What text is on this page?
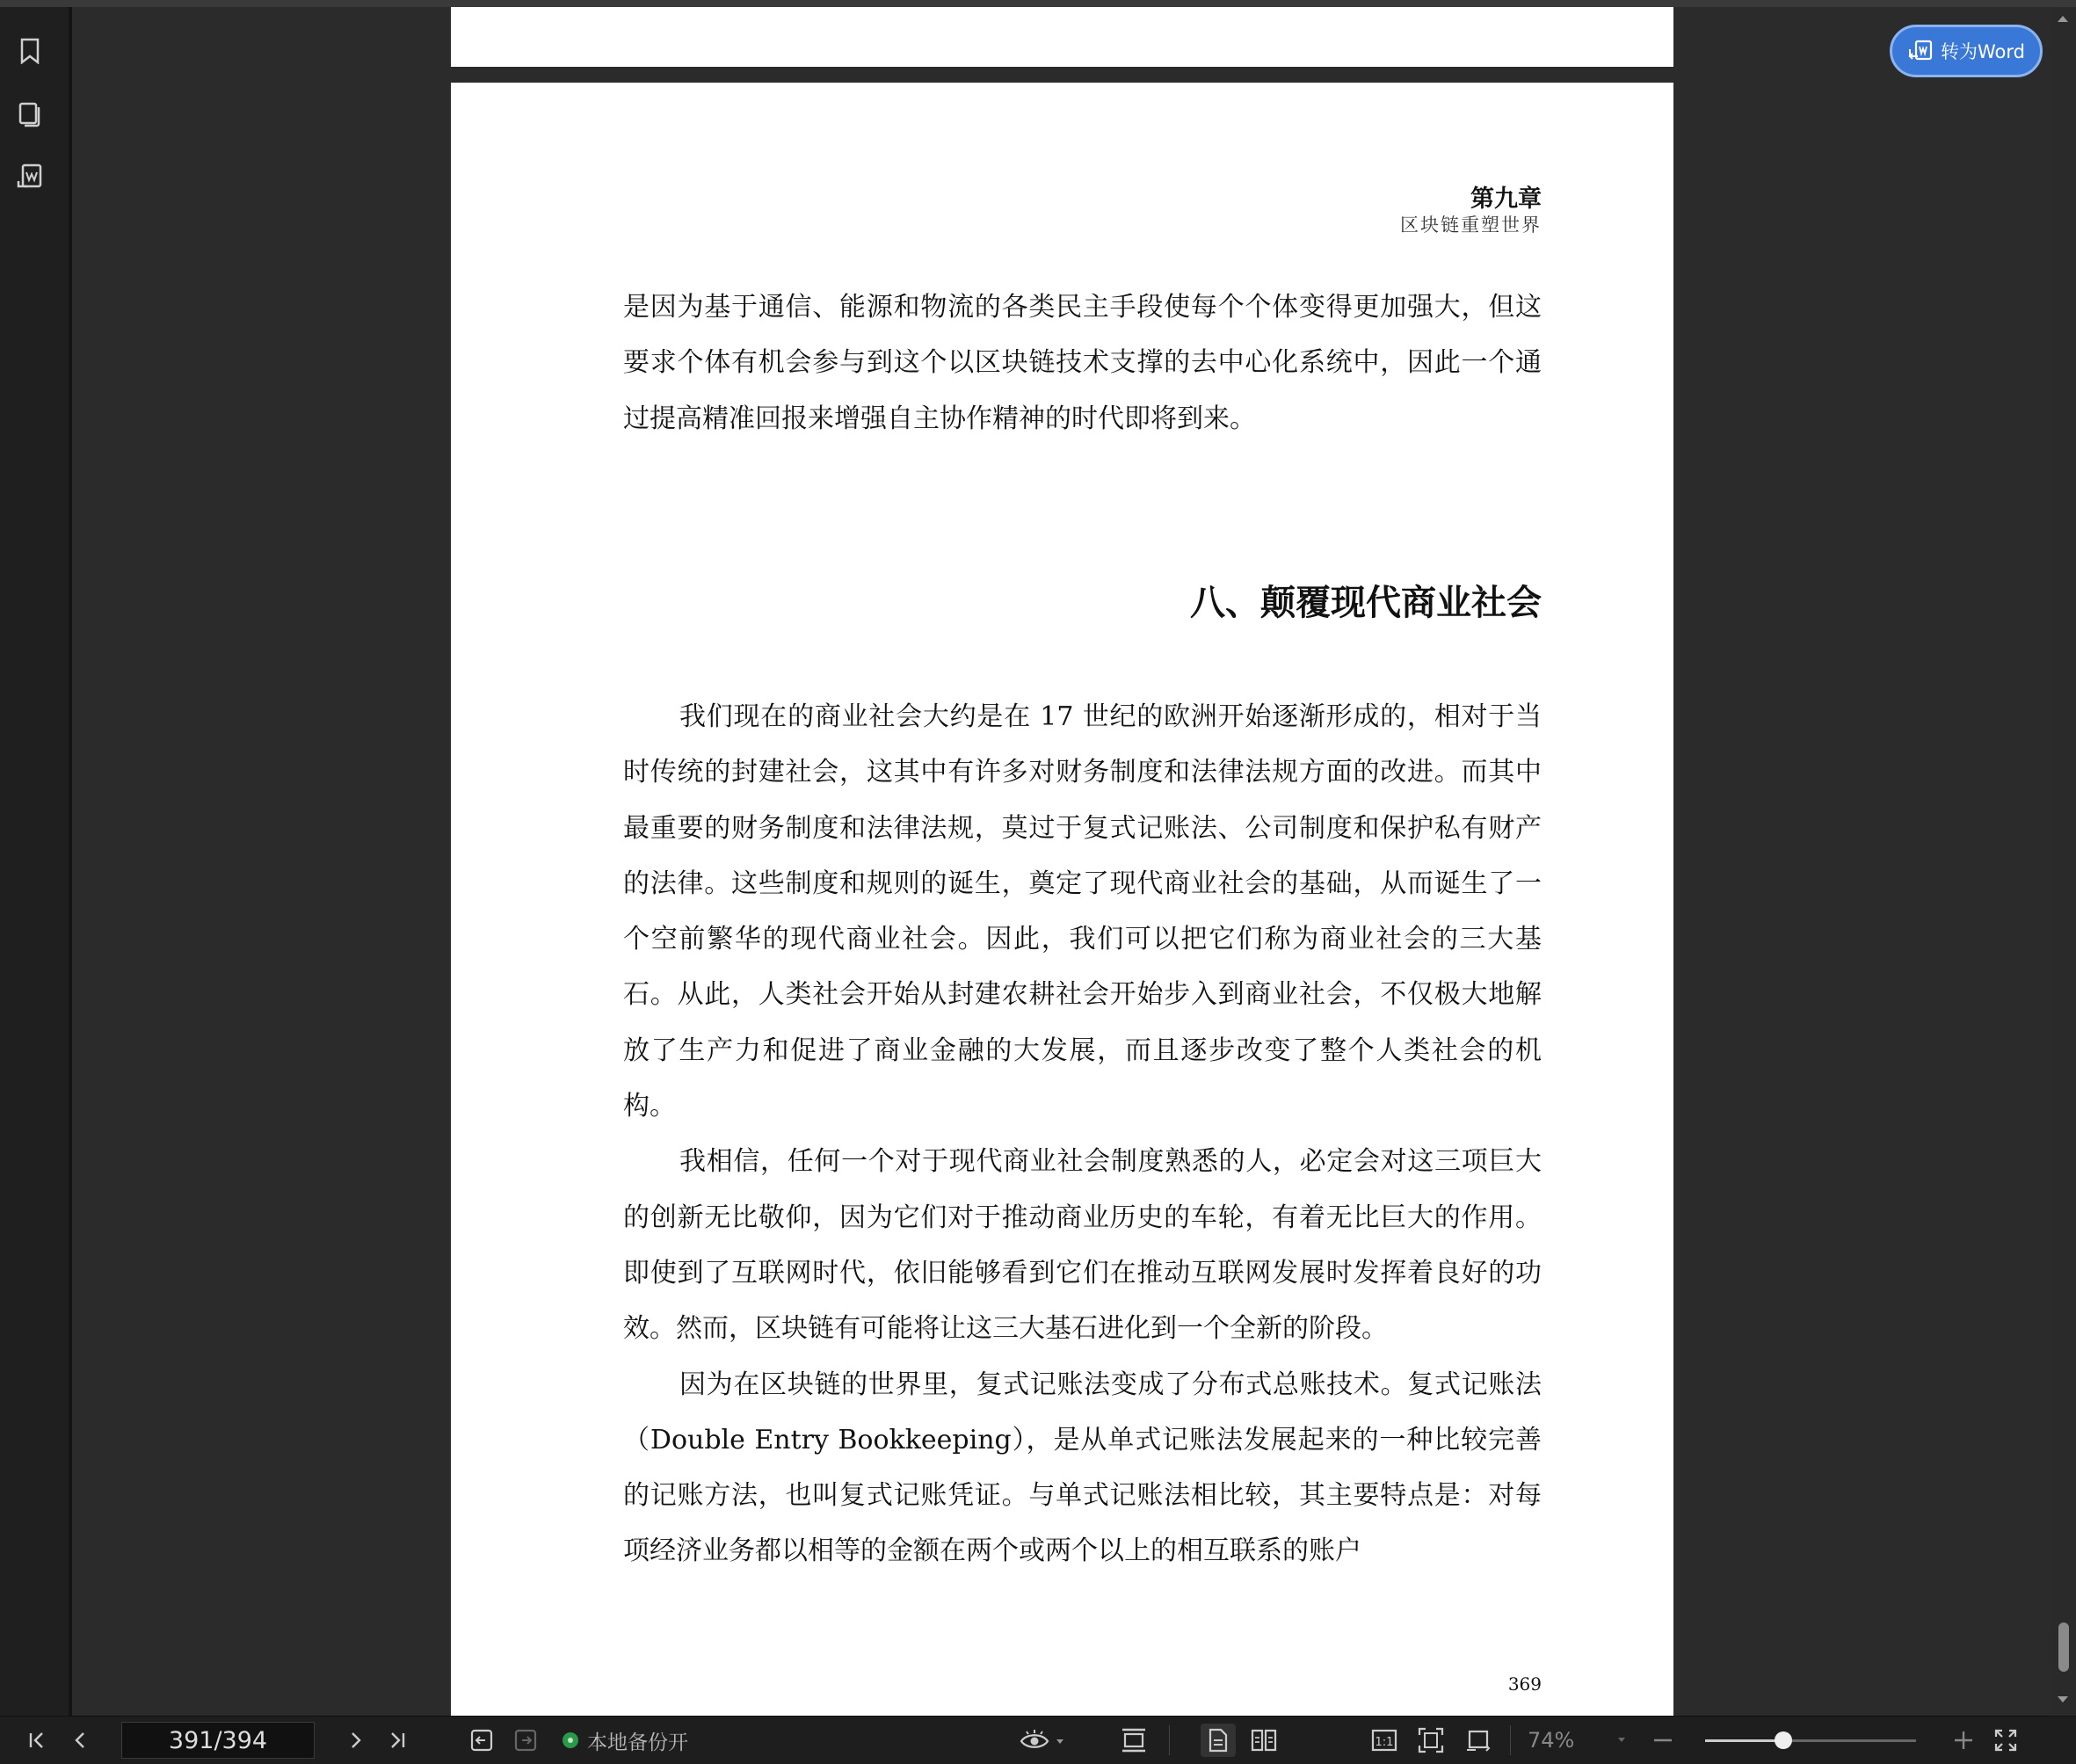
第九章
区块链重塑世界

是因为基于通信、能源和物流的各类民主手段使每个个体变得更加强大，但这要求个体有机会参与到这个以区块链技术支撑的去中心化系统中，因此一个通过提高精准回报来增强自主协作精神的时代即将到来。

八、颠覆现代商业社会

我们现在的商业社会大约是在 17 世纪的欧洲开始逐渐形成的，相对于当时传统的封建社会，这其中有许多对财务制度和法律法规方面的改进。而其中最重要的财务制度和法律法规，莫过于复式记账法、公司制度和保护私有财产的法律。这些制度和规则的诞生，奠定了现代商业社会的基础，从而诞生了一个空前繁华的现代商业社会。因此，我们可以把它们称为商业社会的三大基石。从此，人类社会开始从封建农耕社会开始步入到商业社会，不仅极大地解放了生产力和促进了商业金融的大发展，而且逐步改变了整个人类社会的机构。

我相信，任何一个对于现代商业社会制度熟悉的人，必定会对这三项巨大的创新无比敬仰，因为它们对于推动商业历史的车轮，有着无比巨大的作用。即使到了互联网时代，依旧能够看到它们在推动互联网发展时发挥着良好的功效。然而，区块链有可能将让这三大基石进化到一个全新的阶段。

因为在区块链的世界里，复式记账法变成了分布式总账技术。复式记账法（Double Entry Bookkeeping），是从单式记账法发展起来的一种比较完善的记账方法，也叫复式记账凭证。与单式记账法相比较，其主要特点是：对每项经济业务都以相等的金额在两个或两个以上的相互联系的账户

369
转为Word
391/394	本地备份开	1:1	74%
